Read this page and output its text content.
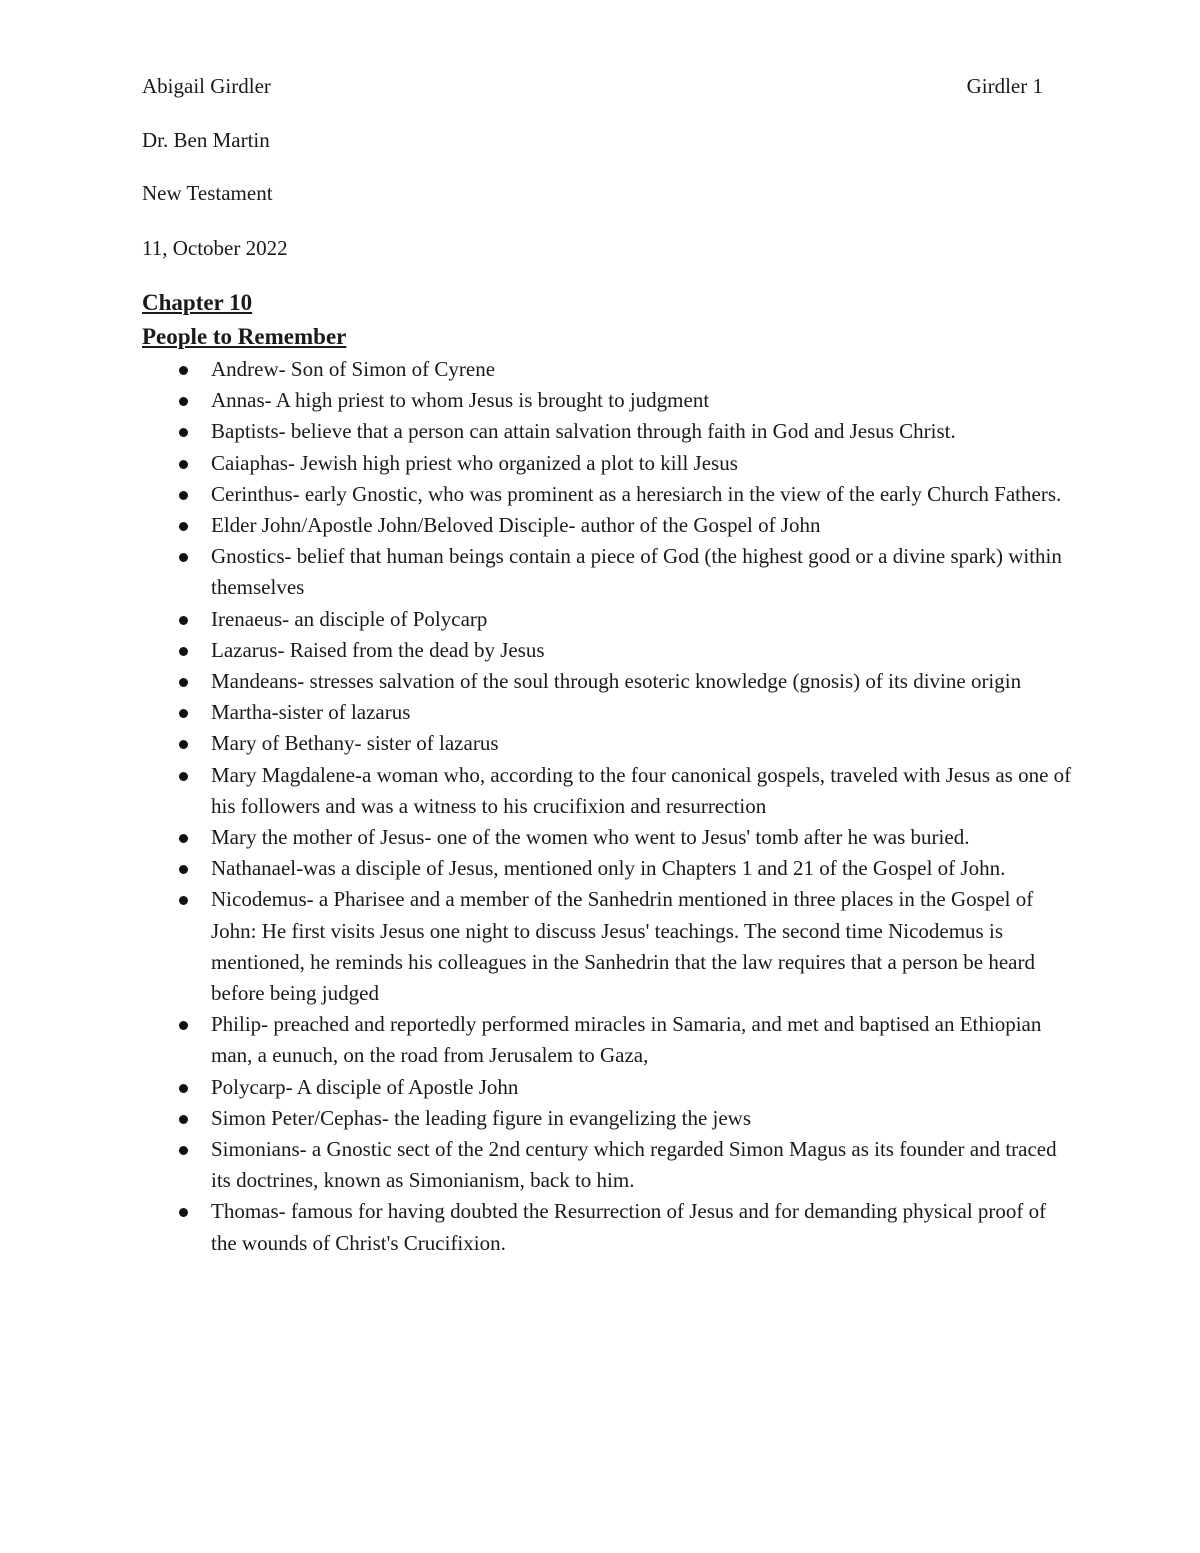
Abigail Girdler	Girdler 1
Dr. Ben Martin
New Testament
11, October 2022
Chapter 10
People to Remember
Andrew- Son of Simon of Cyrene
Annas- A high priest to whom Jesus is brought to judgment
Baptists- believe that a person can attain salvation through faith in God and Jesus Christ.
Caiaphas- Jewish high priest who organized a plot to kill Jesus
Cerinthus- early Gnostic, who was prominent as a heresiarch in the view of the early Church Fathers.
Elder John/Apostle John/Beloved Disciple- author of the Gospel of John
Gnostics- belief that human beings contain a piece of God (the highest good or a divine spark) within themselves
Irenaeus- an disciple of Polycarp
Lazarus- Raised from the dead by Jesus
Mandeans- stresses salvation of the soul through esoteric knowledge (gnosis) of its divine origin
Martha-sister of lazarus
Mary of Bethany- sister of lazarus
Mary Magdalene-a woman who, according to the four canonical gospels, traveled with Jesus as one of his followers and was a witness to his crucifixion and resurrection
Mary the mother of Jesus- one of the women who went to Jesus' tomb after he was buried.
Nathanael-was a disciple of Jesus, mentioned only in Chapters 1 and 21 of the Gospel of John.
Nicodemus- a Pharisee and a member of the Sanhedrin mentioned in three places in the Gospel of John: He first visits Jesus one night to discuss Jesus' teachings. The second time Nicodemus is mentioned, he reminds his colleagues in the Sanhedrin that the law requires that a person be heard before being judged
Philip- preached and reportedly performed miracles in Samaria, and met and baptised an Ethiopian man, a eunuch, on the road from Jerusalem to Gaza,
Polycarp- A disciple of Apostle John
Simon Peter/Cephas- the leading figure in evangelizing the jews
Simonians- a Gnostic sect of the 2nd century which regarded Simon Magus as its founder and traced its doctrines, known as Simonianism, back to him.
Thomas- famous for having doubted the Resurrection of Jesus and for demanding physical proof of the wounds of Christ's Crucifixion.
